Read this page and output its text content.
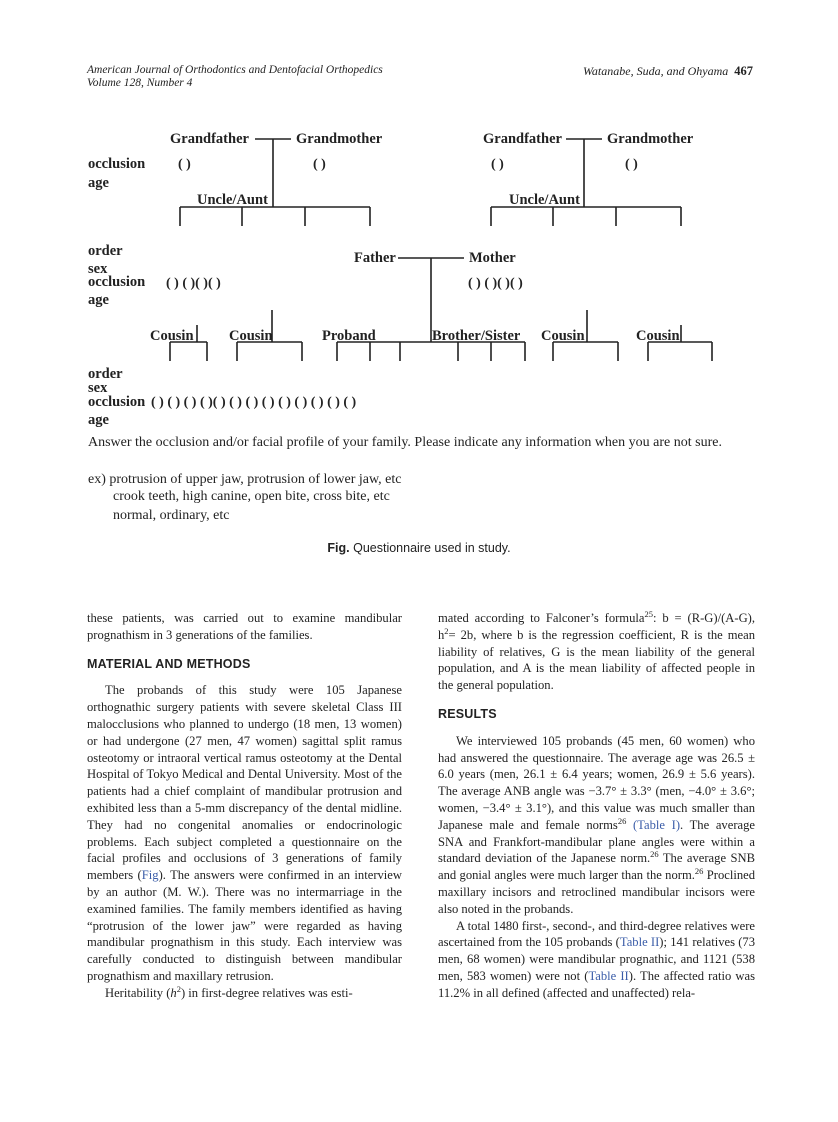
American Journal of Orthodontics and Dentofacial Orthopedics
Volume 128, Number 4
Watanabe, Suda, and Ohyama 467
Grandfather	Grandmother	Grandfather	Grandmother
occlusion
age
Uncle/Aunt	Uncle/Aunt
order
sex
occlusion
age
Father	Mother
Cousin Cousin	Proband	Brother/Sister Cousin	Cousin
order
sex
occlusion
age
( )	( )	( )	( )
( ) ( )( )( )	( ) ( )( )( )
( ) ( ) ( ) ( )( ) ( ) ( ) ( ) ( ) ( ) ( ) ( ) ( )
Answer the occlusion and/or facial profile of your family. Please indicate any information when you are not sure.
ex) protrusion of upper jaw, protrusion of lower jaw, etc
crook teeth, high canine, open bite, cross bite, etc
normal, ordinary, etc
Fig. Questionnaire used in study.

these patients, was carried out to examine mandibular prognathism in 3 generations of the families.

MATERIAL AND METHODS

The probands of this study were 105 Japanese orthognathic surgery patients with severe skeletal Class III malocclusions who planned to undergo (18 men, 13 women) or had undergone (27 men, 47 women) sagittal split ramus osteotomy or intraoral vertical ramus osteotomy at the Dental Hospital of Tokyo Medical and Dental University. Most of the patients had a chief complaint of mandibular protrusion and exhibited less than a 5-mm discrepancy of the dental midline. They had no congenital anomalies or endocrinologic problems. Each subject completed a questionnaire on the facial profiles and occlusions of 3 generations of family members (Fig). The answers were confirmed in an interview by an author (M. W.). There was no intermarriage in the examined families. The family members identified as having “protrusion of the lower jaw” were regarded as having mandibular prognathism in this study. Each interview was carefully conducted to distinguish between mandibular prognathism and maxillary retrusion.

Heritability $(h^2)$ in first-degree relatives was esti-

mated according to Falconer’s formula$^{25}$: b = (R-G)/(A-G), $h^2= 2b$, where b is the regression coefficient, R is the mean liability of relatives, G is the mean liability of the general population, and A is the mean liability of affected people in the general population.

RESULTS

We interviewed 105 probands (45 men, 60 women) who had answered the questionnaire. The average age was 26.5 ± 6.0 years (men, 26.1 ± 6.4 years; women, 26.9 ± 5.6 years). The average ANB angle was −3.7° ± 3.3° (men, −4.0° ± 3.6°; women, −3.4° ± 3.1°), and this value was much smaller than Japanese male and female norms$^{26}$ (Table I). The average SNA and Frankfort-mandibular plane angles were within a standard deviation of the Japanese norm.$^{26}$ The average SNB and gonial angles were much larger than the norm.$^{26}$ Proclined maxillary incisors and retroclined mandibular incisors were also noted in the probands.

A total 1480 first-, second-, and third-degree relatives were ascertained from the 105 probands (Table II); 141 relatives (73 men, 68 women) were mandibular prognathic, and 1121 (538 men, 583 women) were not (Table II). The affected ratio was 11.2% in all defined (affected and unaffected) rela-
